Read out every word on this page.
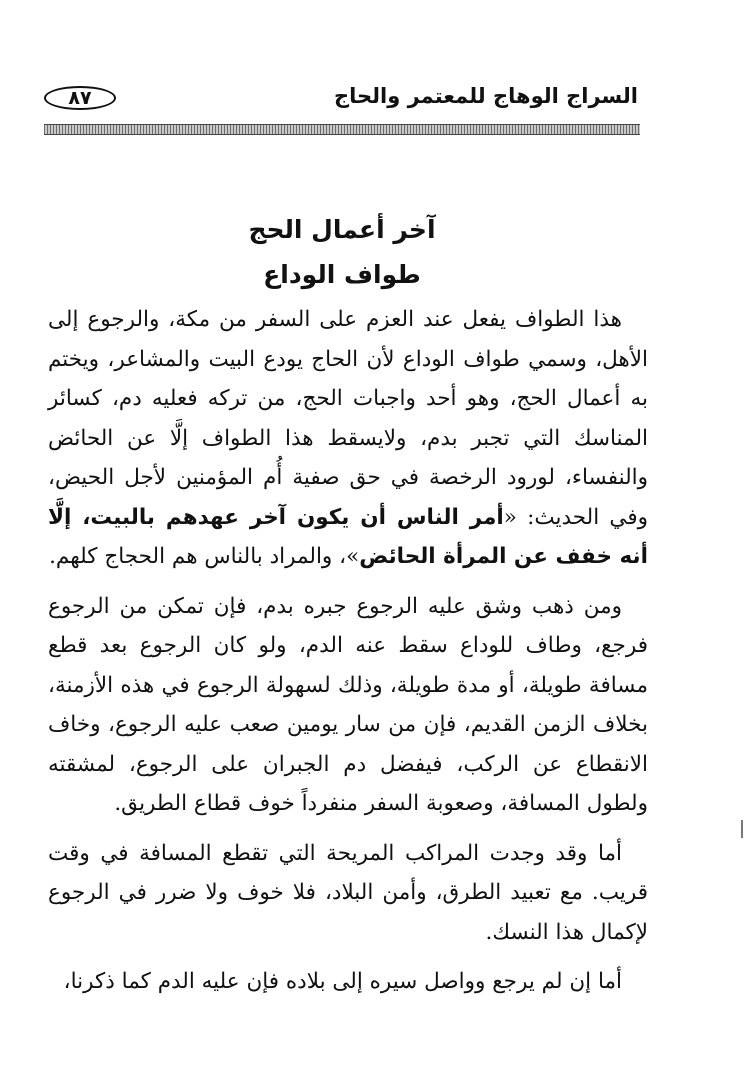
٨٧	السراج الوهاج للمعتمر والحاج
آخر أعمال الحج
طواف الوداع

هذا الطواف يفعل عند العزم على السفر من مكة، والرجوع إلى الأهل، وسمي طواف الوداع لأن الحاج يودع البيت والمشاعر، ويختم به أعمال الحج، وهو أحد واجبات الحج، من تركه فعليه دم، كسائر المناسك التي تجبر بدم، ولايسقط هذا الطواف إلَّا عن الحائض والنفساء، لورود الرخصة في حق صفية أُم المؤمنين لأجل الحيض، وفي الحديث: «أمر الناس أن يكون آخر عهدهم بالبيت، إلَّا أنه خفف عن المرأة الحائض»، والمراد بالناس هم الحجاج كلهم.

ومن ذهب وشق عليه الرجوع جبره بدم، فإن تمكن من الرجوع فرجع، وطاف للوداع سقط عنه الدم، ولو كان الرجوع بعد قطع مسافة طويلة، أو مدة طويلة، وذلك لسهولة الرجوع في هذه الأزمنة، بخلاف الزمن القديم، فإن من سار يومين صعب عليه الرجوع، وخاف الانقطاع عن الركب، فيفضل دم الجبران على الرجوع، لمشقته ولطول المسافة، وصعوبة السفر منفرداً خوف قطاع الطريق.

أما وقد وجدت المراكب المريحة التي تقطع المسافة في وقت قريب. مع تعبيد الطرق، وأمن البلاد، فلا خوف ولا ضرر في الرجوع لإكمال هذا النسك.

أما إن لم يرجع وواصل سيره إلى بلاده فإن عليه الدم كما ذكرنا،
